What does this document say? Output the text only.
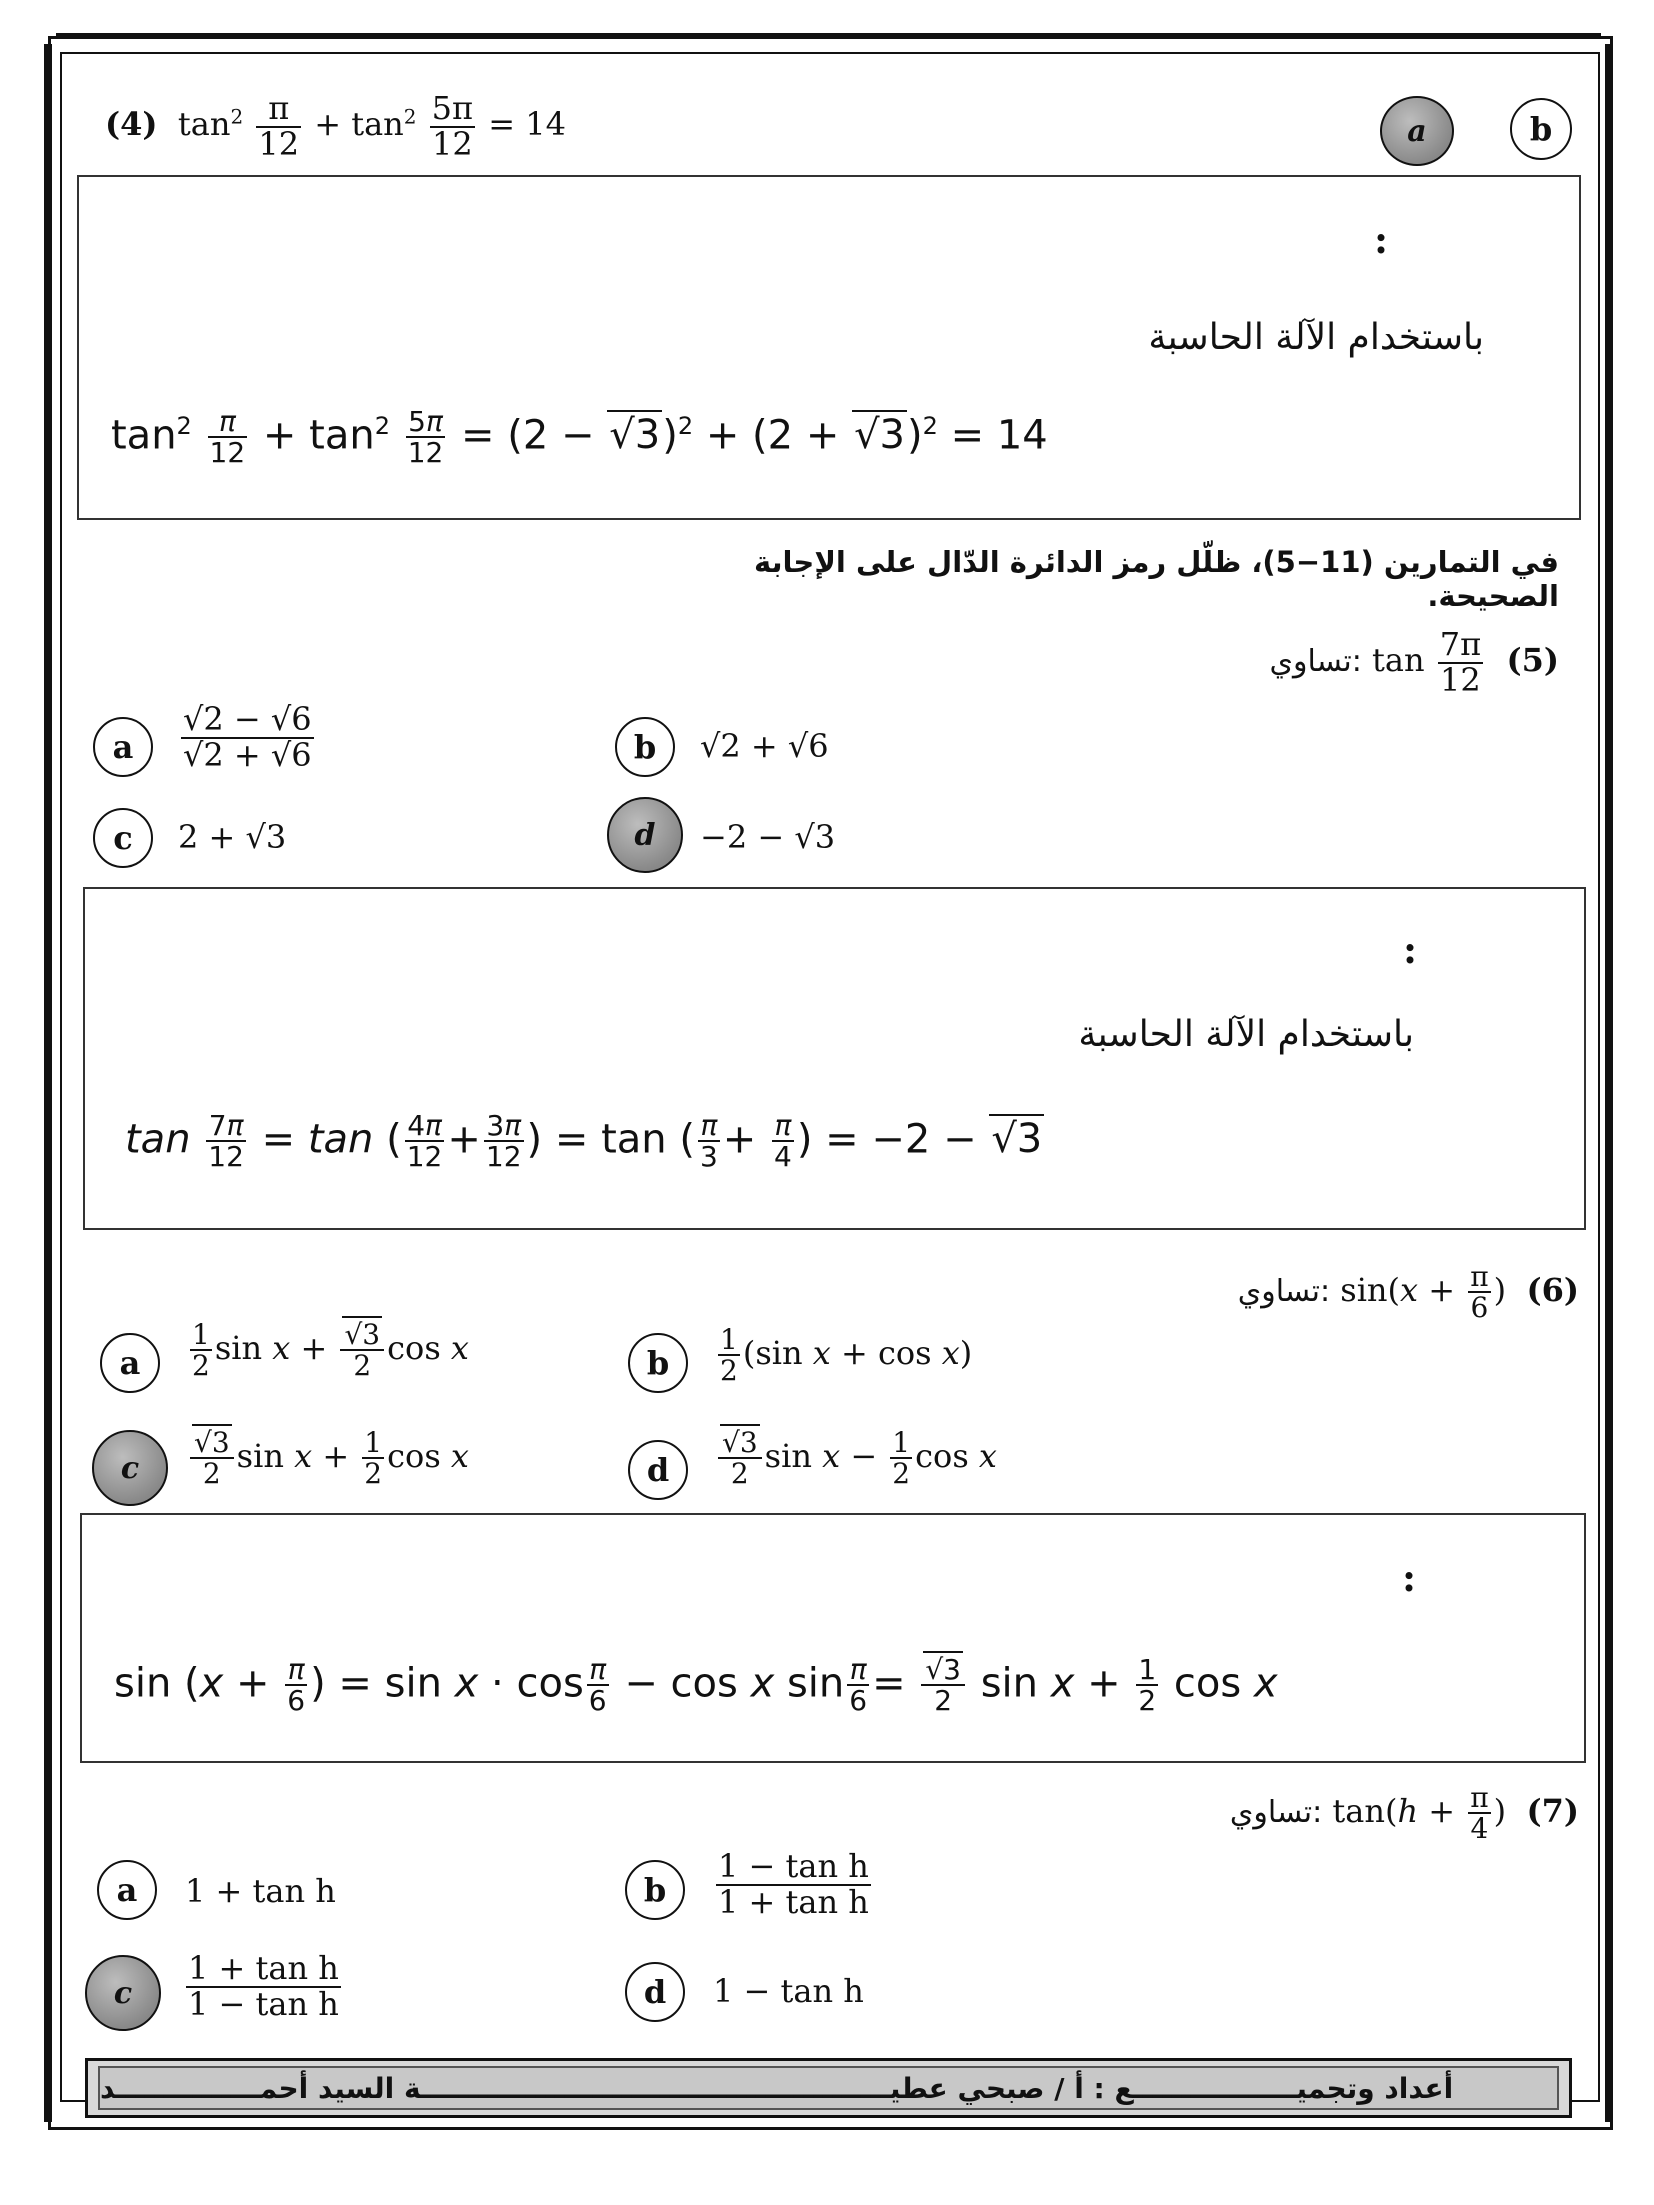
(4) $\tan^2 \frac{\pi}{12} + \tan^2 \frac{5\pi}{12} = 14$	a	b
:
باستخدام الآلة الحاسبة
$\tan^2 \frac{\pi}{12} + \tan^2 \frac{5\pi}{12} = (2 - √3)^2 + (2 + √3)^2 = 14$
في التمارين (11−5)، ظلّل رمز الدائرة الدّال على الإجابة الصحيحة.
تساوي: $\tan \frac{7\pi}{12} (5)$
a $\frac{√2 - √6}{√2 + √6}$	b √2 + √6
c 2 + √3	d −2 − √3
:
باستخدام الآلة الحاسبة
$\tan \frac{7\pi}{12} = \tan$ ( $\frac{4\pi}{12} + \frac{3\pi}{12}$ ) = tan ( $\frac{\pi}{3} + \frac{\pi}{4}$ ) = −2 − √3
تساوي: $\sin(x + \frac{\pi}{6}$ )  (6)
a $\frac{1}{2}$ $\sin x + \frac{√3}{2}$ cos x	b $\frac{1}{2} (\sin$ x + cos x)
c $\frac{√3}{2}$ $\sin x + \frac{1}{2}$ cos x	d $\frac{√3}{2}$ $\sin x - \frac{1}{2}$ cos x
:
$\sin (x + \frac{\pi}{6}$ ) = $\sin x \cdot \cos \frac{\pi}{6} - \cos x$ $\sin \frac{\pi}{6} = \frac{√3}{2}$ $\sin x + \frac{1}{2}$ cos x
تساوي: $\tan(h + \frac{\pi}{4}$ )  (7)
a 1 + tan h	b $\frac{\text{1 − tan h}}{\text{1 + tan h}}$
c $\frac{\text{1 + tan h}}{\text{1 − tan h}}$	d 1 − tan h
أعداد وتجميـــــــــــــــــع : أ / صبحي عطيـــــــــــــــــــــــــــــــــــــــــــــــــة السيد أحمـــــــــــــــد
